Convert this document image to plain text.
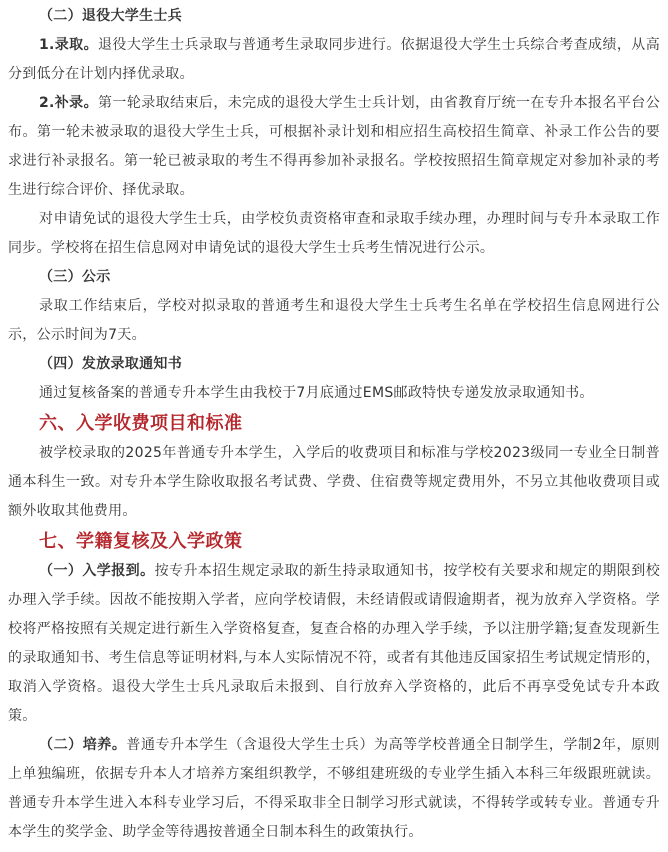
（二）退役大学生士兵

1.录取。退役大学生士兵录取与普通考生录取同步进行。依据退役大学生士兵综合考查成绩，从高分到低分在计划内择优录取。

2.补录。第一轮录取结束后，未完成的退役大学生士兵计划，由省教育厅统一在专升本报名平台公布。第一轮未被录取的退役大学生士兵，可根据补录计划和相应招生高校招生简章、补录工作公告的要求进行补录报名。第一轮已被录取的考生不得再参加补录报名。学校按照招生简章规定对参加补录的考生进行综合评价、择优录取。

对申请免试的退役大学生士兵，由学校负责资格审查和录取手续办理，办理时间与专升本录取工作同步。学校将在招生信息网对申请免试的退役大学生士兵考生情况进行公示。

（三）公示

录取工作结束后，学校对拟录取的普通考生和退役大学生士兵考生名单在学校招生信息网进行公示，公示时间为7天。

（四）发放录取通知书

通过复核备案的普通专升本学生由我校于7月底通过EMS邮政特快专递发放录取通知书。

六、入学收费项目和标准

被学校录取的2025年普通专升本学生，入学后的收费项目和标准与学校2023级同一专业全日制普通本科生一致。对专升本学生除收取报名考试费、学费、住宿费等规定费用外，不另立其他收费项目或额外收取其他费用。

七、学籍复核及入学政策

（一）入学报到。按专升本招生规定录取的新生持录取通知书，按学校有关要求和规定的期限到校办理入学手续。因故不能按期入学者，应向学校请假，未经请假或请假逾期者，视为放弃入学资格。学校将严格按照有关规定进行新生入学资格复查，复查合格的办理入学手续，予以注册学籍;复查发现新生的录取通知书、考生信息等证明材料,与本人实际情况不符，或者有其他违反国家招生考试规定情形的，取消入学资格。退役大学生士兵凡录取后未报到、自行放弃入学资格的，此后不再享受免试专升本政策。

（二）培养。普通专升本学生（含退役大学生士兵）为高等学校普通全日制学生，学制2年，原则上单独编班，依据专升本人才培养方案组织教学，不够组建班级的专业学生插入本科三年级跟班就读。普通专升本学生进入本科专业学习后，不得采取非全日制学习形式就读，不得转学或转专业。普通专升本学生的奖学金、助学金等待遇按普通全日制本科生的政策执行。
